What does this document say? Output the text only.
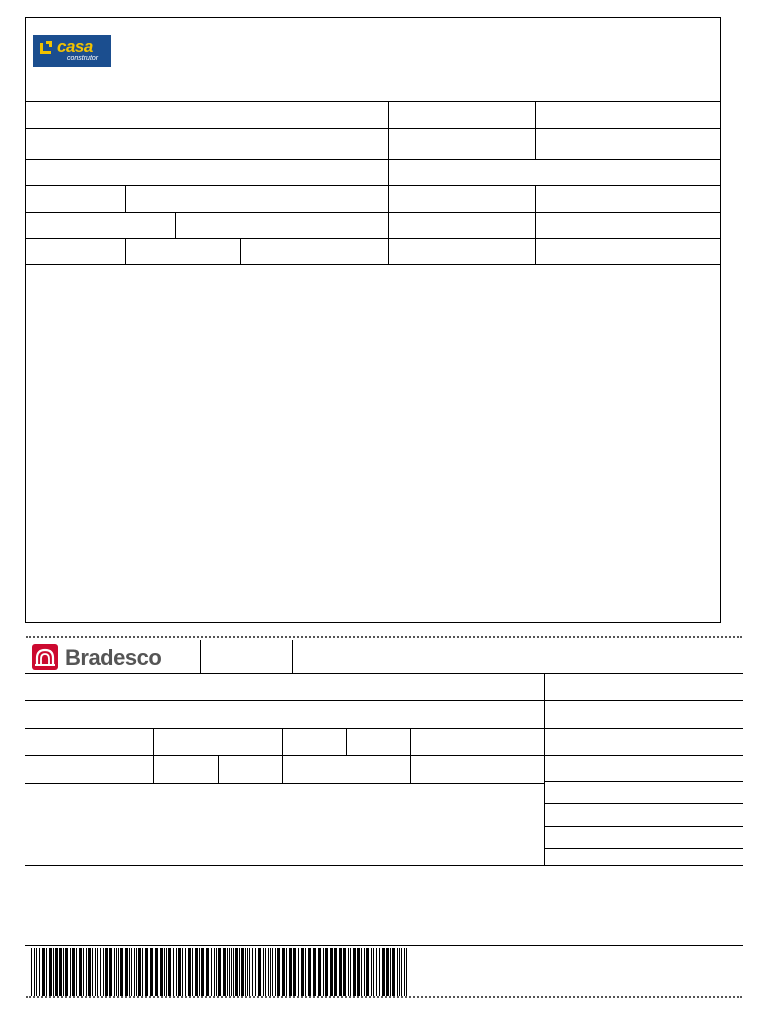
casa
construtor
Bradesco
